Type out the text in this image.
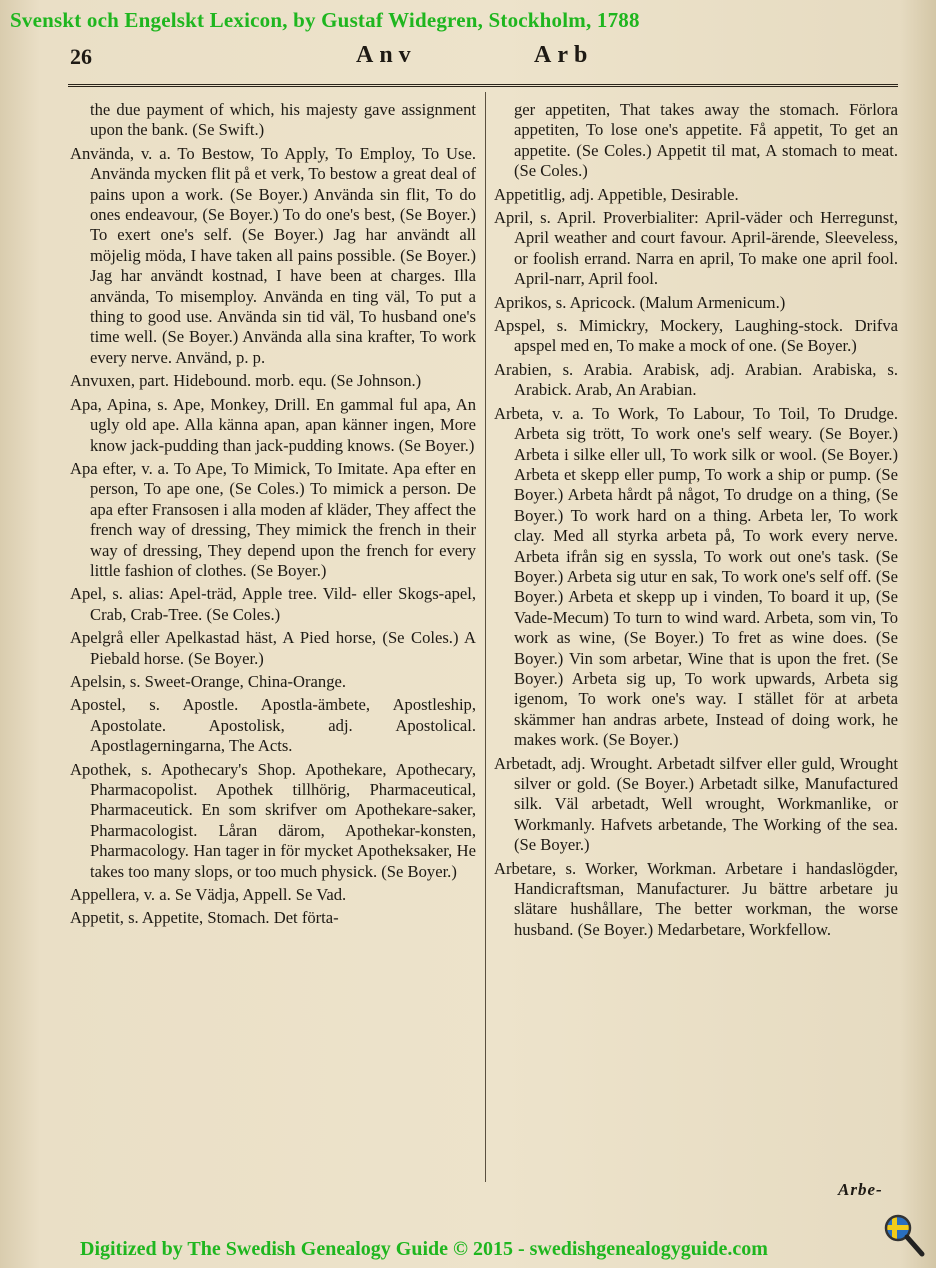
Svenskt och Engelskt Lexicon, by Gustaf Widegren, Stockholm, 1788
26	Anv	Arb

the due payment of which, his majesty gave assignment upon the bank. (Se Swift.)

Använda, v. a. To Bestow, To Apply, To Employ, To Use. Använda mycken flit på et verk, To bestow a great deal of pains upon a work. (Se Boyer.) Använda sin flit, To do ones endeavour, (Se Boyer.) To do one's best, (Se Boyer.) To exert one's self. (Se Boyer.) Jag har användt all möjelig möda, I have taken all pains possible. (Se Boyer.) Jag har användt kostnad, I have been at charges. Illa använda, To misemploy. Använda en ting väl, To put a thing to good use. Använda sin tid väl, To husband one's time well. (Se Boyer.) Använda alla sina krafter, To work every nerve. Använd, p. p.

Anvuxen, part. Hidebound. morb. equ. (Se Johnson.)

Apa, Apina, s. Ape, Monkey, Drill. En gammal ful apa, An ugly old ape. Alla känna apan, apan känner ingen, More know jack-pudding than jack-pudding knows. (Se Boyer.)

Apa efter, v. a. To Ape, To Mimick, To Imitate. Apa efter en person, To ape one, (Se Coles.) To mimick a person. De apa efter Fransosen i alla moden af kläder, They affect the french way of dressing, They mimick the french in their way of dressing, They depend upon the french for every little fashion of clothes. (Se Boyer.)

Apel, s. alias: Apel-träd, Apple tree. Vild- eller Skogs-apel, Crab, Crab-Tree. (Se Coles.)

Apelgrå eller Apelkastad häst, A Pied horse, (Se Coles.) A Piebald horse. (Se Boyer.)

Apelsin, s. Sweet-Orange, China-Orange.

Apostel, s. Apostle. Apostla-ämbete, Apostleship, Apostolate. Apostolisk, adj. Apostolical. Apostlagerningarna, The Acts.

Apothek, s. Apothecary's Shop. Apothekare, Apothecary, Pharmacopolist. Apothek tillhörig, Pharmaceutical, Pharmaceutick. En som skrifver om Apothekare-saker, Pharmacologist. Låran därom, Apothekar-konsten, Pharmacology. Han tager in för mycket Apotheksaker, He takes too many slops, or too much physick. (Se Boyer.)

Appellera, v. a. Se Vädja, Appell. Se Vad.

Appetit, s. Appetite, Stomach. Det förta-

ger appetiten, That takes away the stomach. Förlora appetiten, To lose one's appetite. Få appetit, To get an appetite. (Se Coles.) Appetit til mat, A stomach to meat. (Se Coles.)

Appetitlig, adj. Appetible, Desirable.

April, s. April. Proverbialiter: April-väder och Herregunst, April weather and court favour. April-ärende, Sleeveless, or foolish errand. Narra en april, To make one april fool. April-narr, April fool.

Aprikos, s. Apricock. (Malum Armenicum.)

Apspel, s. Mimickry, Mockery, Laughing-stock. Drifva apspel med en, To make a mock of one. (Se Boyer.)

Arabien, s. Arabia. Arabisk, adj. Arabian. Arabiska, s. Arabick. Arab, An Arabian.

Arbeta, v. a. To Work, To Labour, To Toil, To Drudge. Arbeta sig trött, To work one's self weary. (Se Boyer.) Arbeta i silke eller ull, To work silk or wool. (Se Boyer.) Arbeta et skepp eller pump, To work a ship or pump. (Se Boyer.) Arbeta hårdt på något, To drudge on a thing, (Se Boyer.) To work hard on a thing. Arbeta ler, To work clay. Med all styrka arbeta på, To work every nerve. Arbeta ifrån sig en syssla, To work out one's task. (Se Boyer.) Arbeta sig utur en sak, To work one's self off. (Se Boyer.) Arbeta et skepp up i vinden, To board it up, (Se Vade-Mecum) To turn to wind ward. Arbeta, som vin, To work as wine, (Se Boyer.) To fret as wine does. (Se Boyer.) Vin som arbetar, Wine that is upon the fret. (Se Boyer.) Arbeta sig up, To work upwards, Arbeta sig igenom, To work one's way. I stället för at arbeta skämmer han andras arbete, Instead of doing work, he makes work. (Se Boyer.)

Arbetadt, adj. Wrought. Arbetadt silfver eller guld, Wrought silver or gold. (Se Boyer.) Arbetadt silke, Manufactured silk. Väl arbetadt, Well wrought, Workmanlike, or Workmanly. Hafvets arbetande, The Working of the sea. (Se Boyer.)

Arbetare, s. Worker, Workman. Arbetare i handaslögder, Handicraftsman, Manufacturer. Ju bättre arbetare ju slätare hushållare, The better workman, the worse husband. (Se Boyer.) Medarbetare, Workfellow.

Arbe-
Digitized by The Swedish Genealogy Guide © 2015 - swedishgenealogyguide.com
